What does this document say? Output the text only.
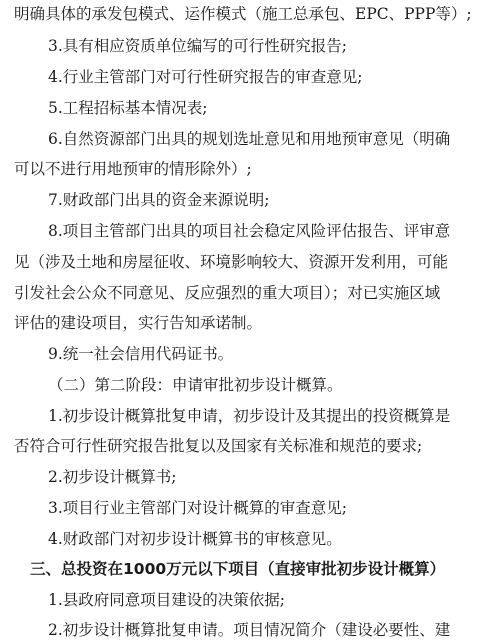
明确具体的承发包模式、运作模式（施工总承包、EPC、PPP等）;
3.具有相应资质单位编写的可行性研究报告;
4.行业主管部门对可行性研究报告的审查意见;
5.工程招标基本情况表;
6.自然资源部门出具的规划选址意见和用地预审意见（明确
可以不进行用地预审的情形除外）;
7.财政部门出具的资金来源说明;
8.项目主管部门出具的项目社会稳定风险评估报告、评审意
见（涉及土地和房屋征收、环境影响较大、资源开发利用，可能
引发社会公众不同意见、反应强烈的重大项目）；对已实施区域
评估的建设项目，实行告知承诺制。
9.统一社会信用代码证书。
（二）第二阶段：申请审批初步设计概算。
1.初步设计概算批复申请，初步设计及其提出的投资概算是
否符合可行性研究报告批复以及国家有关标准和规范的要求;
2.初步设计概算书;
3.项目行业主管部门对设计概算的审查意见;
4.财政部门对初步设计概算书的审核意见。
三、总投资在1000万元以下项目（直接审批初步设计概算）
1.县政府同意项目建设的决策依据;
2.初步设计概算批复申请。项目情况简介（建设必要性、建
